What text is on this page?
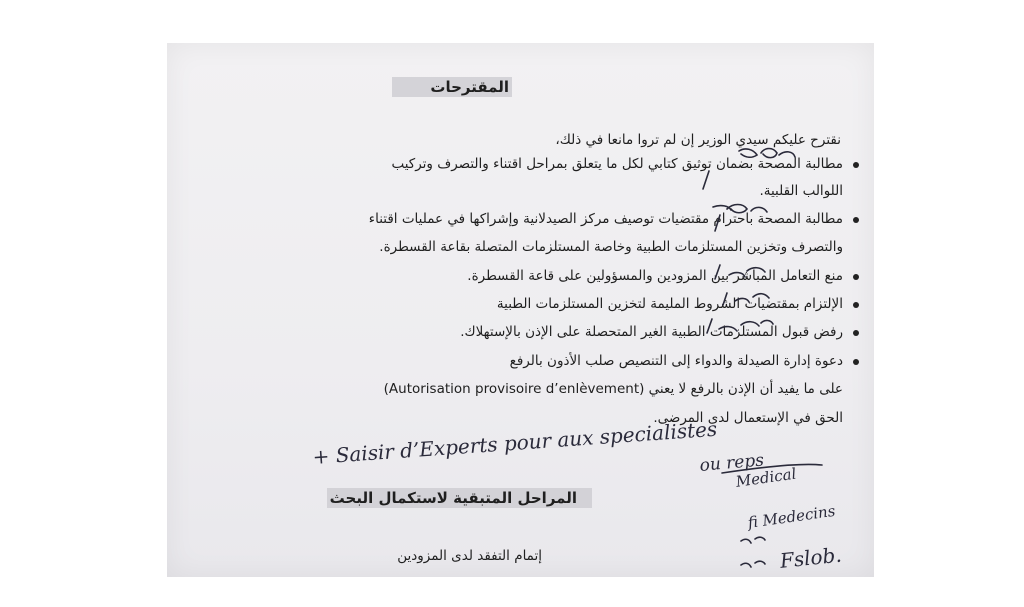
المقترحات
نقترح عليكم سيدي الوزير إن لم تروا مانعا في ذلك،
مطالبة المصحة بضمان توثيق كتابي لكل ما يتعلق بمراحل اقتناء والتصرف وتركيب
اللوالب القلبية.
مطالبة المصحة باحترام مقتضيات توصيف مركز الصيدلانية وإشراكها في عمليات اقتناء
والتصرف وتخزين المستلزمات الطبية وخاصة المستلزمات المتصلة بقاعة القسطرة.
منع التعامل المباشر بين المزودين والمسؤولين على قاعة القسطرة.
الإلتزام بمقتضيات الشروط المليمة لتخزين المستلزمات الطبية
رفض قبول المستلزمات الطبية الغير المتحصلة على الإذن بالإستهلاك.
دعوة إدارة الصيدلة والدواء إلى التنصيص صلب الأذون بالرفع
(Autorisation provisoire d’enlèvement) على ما يفيد أن الإذن بالرفع لا يعني
الحق في الإستعمال لدى المرضى.
المراحل المتبقية لاستكمال البحث
إتمام التفقد لدى المزودين
+ Saisir d’Experts pour aux specialistes
ou reps
Medical
fi Medecins
Fslob.
